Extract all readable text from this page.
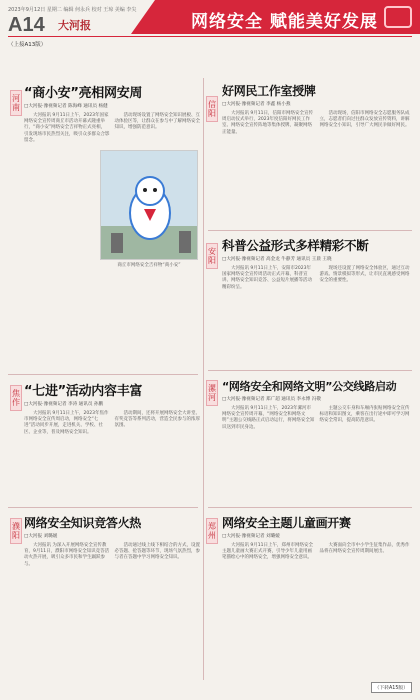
2023年9月12日 星期二 编辑 何永兵 校对 王琼 美编 李尖
A14 大河报	网络安全 赋能美好发展
（上接A13版）
河南	信阳
安阳
焦作
漯河
濮阳
郑州
“商小安”亮相网安周
□大河报·豫视频记者 陈海峰 通讯员 杨健
大河报讯 9月11日上午，2023年国家网络安全宣传周商丘市活动开幕式隆重举行，“商小安”网络安全吉祥物正式亮相，引发现场市民热烈关注，吸引众多群众合影留念。
活动现场设置了网络安全知识展板、互动体验区等，让群众在参与中了解网络安全知识，增强防范意识。
商丘市网络安全吉祥物“商小安”
好网民工作室授牌
□大河报·豫视频记者 李鑫 杨小燕
大河报讯 9月11日，信阳市网络安全宣传周启动仪式举行，2023年度信阳好网民工作室、网络安全宣传阵地等集体授牌，凝聚网络正能量。
活动现场，信阳市网络安全志愿服务队成立，志愿者们向过往群众发放宣传资料，讲解网络安全小知识，引导广大网民争做好网民。
科普公益形式多样精彩不断
□大河报·豫视频记者 高金龙 牛静芳 通讯员 王晨 王晓
大河报讯 9月11日上午，安阳市2023年国家网络安全宣传周活动正式开幕，科普宣讲、网络安全知识竞答、公益短片展播等活动精彩纷呈。
现场还设置了网络安全体验区，通过互动游戏、情景模拟等形式，让市民直观感受网络安全的重要性。
“七进”活动内容丰富
□大河报·豫视频记者 李涛 通讯员 孙鹏
大河报讯 9月11日上午，2023年焦作市网络安全宣传周启动，网络安全“七进”活动同步开展，走进机关、学校、社区、企业等，普及网络安全知识。
活动期间，还将开展网络安全大讲堂、有奖竞答等系列活动，营造全民参与的浓厚氛围。
“网络安全和网络文明”公交线路启动
□大河报·豫视频记者 郑广超 通讯员 李永博 冯敬
大河报讯 9月11日上午，2023年漯河市网络安全宣传周开幕，“网络安全和网络文明”主题公交线路正式启动运行，将网络安全知识送到市民身边。
主题公交车身和车厢内张贴网络安全宣传标语和知识图文，乘客在出行途中即可学习网络安全常识，提高防范意识。
网络安全知识竞答火热
□大河报 刘璐媛
大河报讯 为深入开展网络安全宣传教育，9月11日，濮阳市网络安全知识竞答活动火热开展，吸引众多市民和学生踊跃参与。
活动通过线上线下相结合的方式，设置必答题、抢答题等环节，现场气氛热烈，参与者在答题中学习网络安全知识。
网络安全主题儿童画开赛
□大河报·豫视频记者 刘璐媛
大河报讯 9月11日上午，郑州市网络安全主题儿童画大赛正式开赛，引导少年儿童用画笔描绘心中的网络安全，增强网络安全意识。
大赛面向全市中小学生征集作品，优秀作品将在网络安全宣传周期间展出。
（下转A15版）
